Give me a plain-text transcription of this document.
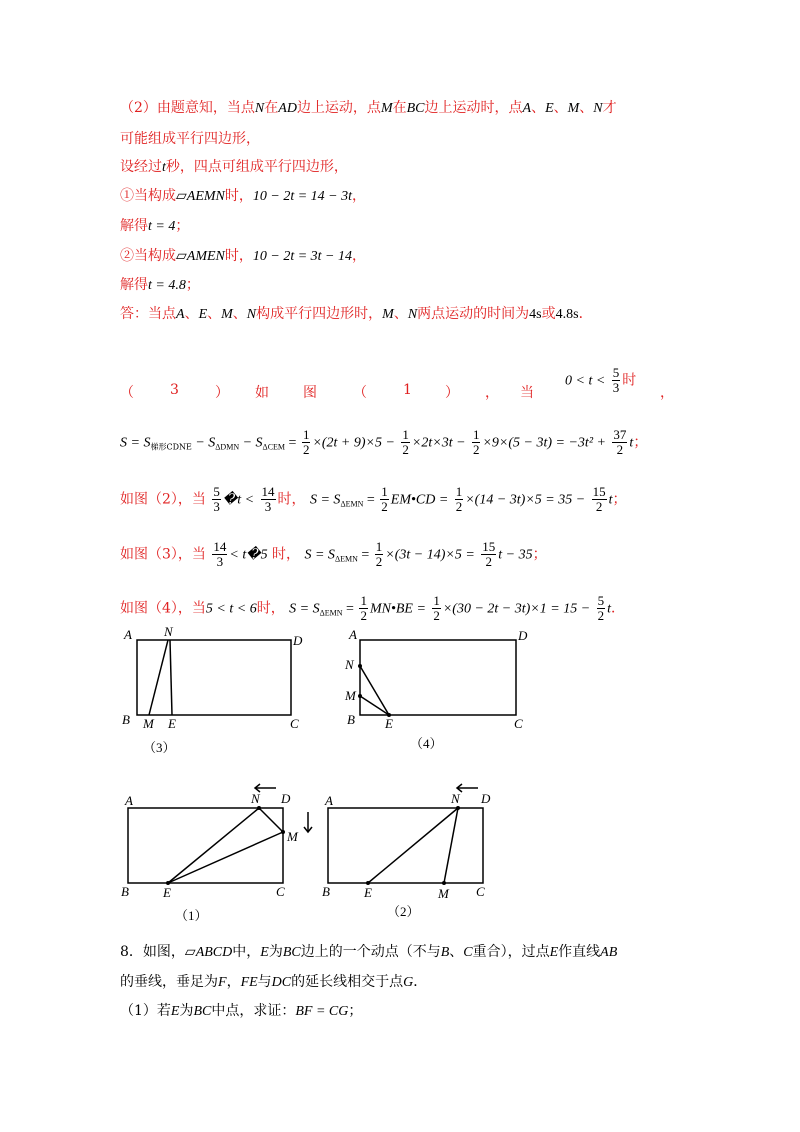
（2）由题意知，当点N在AD边上运动，点M在BC边上运动时，点A、E、M、N才
可能组成平行四边形，
设经过t秒，四点可组成平行四边形，
①当构成▱AEMN时，10 − 2t = 14 − 3t，
解得t = 4；
②当构成▱AMEN时，10 − 2t = 3t − 14，
解得t = 4.8；
答：当点A、E、M、N构成平行四边形时，M、N两点运动的时间为4s或4.8s．
（	3	） 如 图	（	1 ） ， 当
$0 < t < \frac{5}{3}$ 时
，
$S = S_{梯形CDNE} - S_{\Delta DMN} - S_{\Delta CEM} = \frac{1}{2} \times(2t + 9)\times 5 - \frac{1}{2} \times 2t\times 3t - \frac{1}{2} \times 9\times(5 - 3t) = -3t^2 + \frac{37}{2}$ t；
如图（2），当 $\frac{5}{3}$ �t < $\frac{14}{3}$ 时， $S = S_{\Delta EMN} = \frac{1}{2}$ EM•CD = $\frac{1}{2} \times(14 - 3t)\times 5 = 35 - \frac{15}{2}$ t；
如图（3），当 $\frac{14}{3}$ < t�5 时， $S = S_{\Delta EMN} = \frac{1}{2} \times(3t - 14)\times 5 = \frac{15}{2}$ t − 35；
如图（4），当5 < t < 6时， $S = S_{\Delta EMN} = \frac{1}{2}$ MN•BE = $\frac{1}{2} \times(30 - 2t - 3t)\times 1 = 15 - \frac{5}{2}$ t．
A N
D
B M E	C
（3）
A	D
N
M
B E	C
（4）
A	N D
M
B	E	C
（1）
A	N D
B	E	M C
（2）
8．如图，▱ABCD中，E为BC边上的一个动点（不与B、C重合），过点E作直线AB
的垂线，垂足为F，FE与DC的延长线相交于点G．
（1）若E为BC中点，求证：BF = CG；
